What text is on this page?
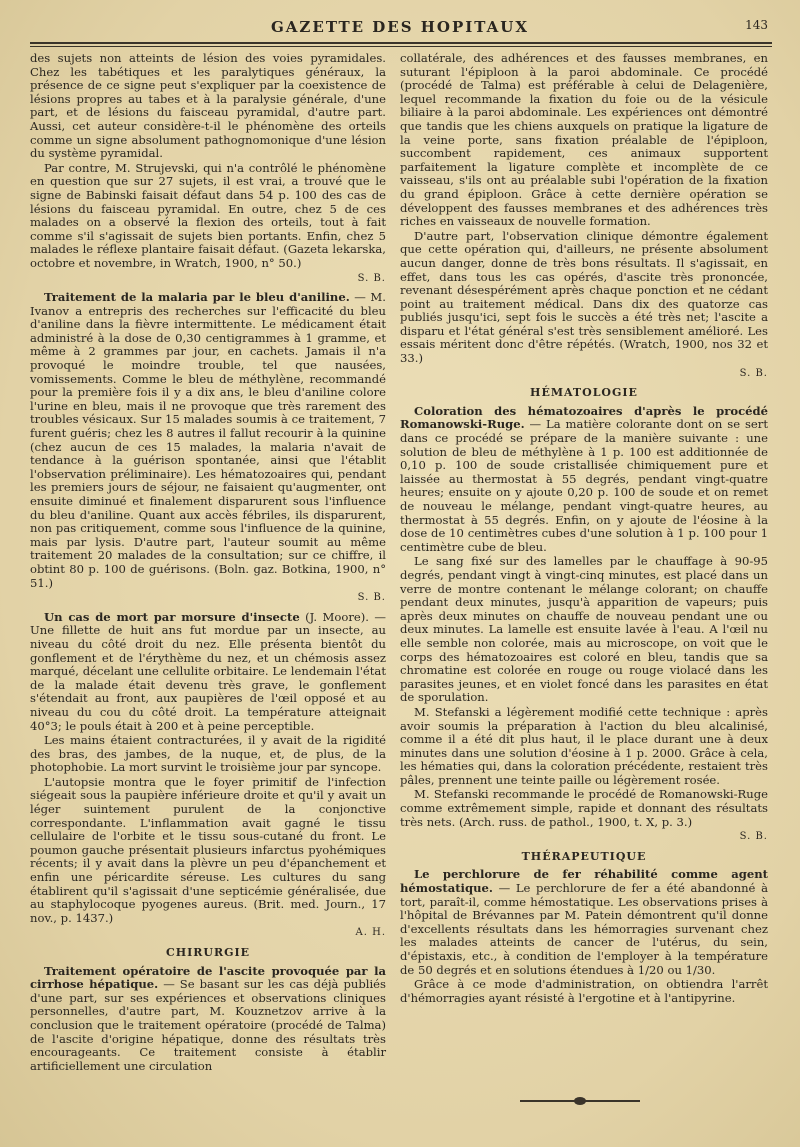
GAZETTE DES HOPITAUX	143

des sujets non atteints de lésion des voies pyramidales. Chez les tabétiques et les paralytiques généraux, la présence de ce signe peut s'expliquer par la coexistence de lésions propres au tabes et à la paralysie générale, d'une part, et de lésions du faisceau pyramidal, d'autre part. Aussi, cet auteur considère-t-il le phénomène des orteils comme un signe absolument pathognomonique d'une lésion du système pyramidal.

Par contre, M. Strujevski, qui n'a contrôlé le phénomène en question que sur 27 sujets, il est vrai, a trouvé que le signe de Babinski faisait défaut dans 54 p. 100 des cas de lésions du faisceau pyramidal. En outre, chez 5 de ces malades on a observé la flexion des orteils, tout à fait comme s'il s'agissait de sujets bien portants. Enfin, chez 5 malades le réflexe plantaire faisait défaut. (Gazeta lekarska, octobre et novembre, in Wratch, 1900, n° 50.)

S. B.

Traitement de la malaria par le bleu d'aniline. — M. Ivanov a entrepris des recherches sur l'efficacité du bleu d'aniline dans la fièvre intermittente. Le médicament était administré à la dose de 0,30 centigrammes à 1 gramme, et même à 2 grammes par jour, en cachets. Jamais il n'a provoqué le moindre trouble, tel que nausées, vomissements. Comme le bleu de méthylène, recommandé pour la première fois il y a dix ans, le bleu d'aniline colore l'urine en bleu, mais il ne provoque que très rarement des troubles vésicaux. Sur 15 malades soumis à ce traitement, 7 furent guéris; chez les 8 autres il fallut recourir à la quinine (chez aucun de ces 15 malades, la malaria n'avait de tendance à la guérison spontanée, ainsi que l'établit l'observation préliminaire). Les hématozoaires qui, pendant les premiers jours de séjour, ne faisaient qu'augmenter, ont ensuite diminué et finalement disparurent sous l'influence du bleu d'aniline. Quant aux accès fébriles, ils disparurent, non pas critiquement, comme sous l'influence de la quinine, mais par lysis. D'autre part, l'auteur soumit au même traitement 20 malades de la consultation; sur ce chiffre, il obtint 80 p. 100 de guérisons. (Boln. gaz. Botkina, 1900, n° 51.)

S. B.

Un cas de mort par morsure d'insecte (J. Moore). — Une fillette de huit ans fut mordue par un insecte, au niveau du côté droit du nez. Elle présenta bientôt du gonflement et de l'érythème du nez, et un chémosis assez marqué, décelant une cellulite orbitaire. Le lendemain l'état de la malade était devenu très grave, le gonflement s'étendait au front, aux paupières de l'œil opposé et au niveau du cou du côté droit. La température atteignait 40°3; le pouls était à 200 et à peine perceptible.

Les mains étaient contracturées, il y avait de la rigidité des bras, des jambes, de la nuque, et, de plus, de la photophobie. La mort survint le troisième jour par syncope.

L'autopsie montra que le foyer primitif de l'infection siégeait sous la paupière inférieure droite et qu'il y avait un léger suintement purulent de la conjonctive correspondante. L'inflammation avait gagné le tissu cellulaire de l'orbite et le tissu sous-cutané du front. Le poumon gauche présentait plusieurs infarctus pyohémiques récents; il y avait dans la plèvre un peu d'épanchement et enfin une péricardite séreuse. Les cultures du sang établirent qu'il s'agissait d'une septicémie généralisée, due au staphylocoque pyogenes aureus. (Brit. med. Journ., 17 nov., p. 1437.)

A. H.

CHIRURGIE

Traitement opératoire de l'ascite provoquée par la cirrhose hépatique. — Se basant sur les cas déjà publiés d'une part, sur ses expériences et observations cliniques personnelles, d'autre part, M. Kouznetzov arrive à la conclusion que le traitement opératoire (procédé de Talma) de l'ascite d'origine hépatique, donne des résultats très encourageants. Ce traitement consiste à établir artificiellement une circulation

collatérale, des adhérences et des fausses membranes, en suturant l'épiploon à la paroi abdominale. Ce procédé (procédé de Talma) est préférable à celui de Delagenière, lequel recommande la fixation du foie ou de la vésicule biliaire à la paroi abdominale. Les expériences ont démontré que tandis que les chiens auxquels on pratique la ligature de la veine porte, sans fixation préalable de l'épiploon, succombent rapidement, ces animaux supportent parfaitement la ligature complète et incomplète de ce vaisseau, s'ils ont au préalable subi l'opération de la fixation du grand épiploon. Grâce à cette dernière opération se développent des fausses membranes et des adhérences très riches en vaisseaux de nouvelle formation.

D'autre part, l'observation clinique démontre également que cette opération qui, d'ailleurs, ne présente absolument aucun danger, donne de très bons résultats. Il s'agissait, en effet, dans tous les cas opérés, d'ascite très prononcée, revenant désespérément après chaque ponction et ne cédant point au traitement médical. Dans dix des quatorze cas publiés jusqu'ici, sept fois le succès a été très net; l'ascite a disparu et l'état général s'est très sensiblement amélioré. Les essais méritent donc d'être répétés. (Wratch, 1900, nos 32 et 33.)

S. B.

HÉMATOLOGIE

Coloration des hématozoaires d'après le procédé Romanowski-Ruge. — La matière colorante dont on se sert dans ce procédé se prépare de la manière suivante : une solution de bleu de méthylène à 1 p. 100 est additionnée de 0,10 p. 100 de soude cristallisée chimiquement pure et laissée au thermostat à 55 degrés, pendant vingt-quatre heures; ensuite on y ajoute 0,20 p. 100 de soude et on remet de nouveau le mélange, pendant vingt-quatre heures, au thermostat à 55 degrés. Enfin, on y ajoute de l'éosine à la dose de 10 centimètres cubes d'une solution à 1 p. 100 pour 1 centimètre cube de bleu.

Le sang fixé sur des lamelles par le chauffage à 90-95 degrés, pendant vingt à vingt-cinq minutes, est placé dans un verre de montre contenant le mélange colorant; on chauffe pendant deux minutes, jusqu'à apparition de vapeurs; puis après deux minutes on chauffe de nouveau pendant une ou deux minutes. La lamelle est ensuite lavée à l'eau. A l'œil nu elle semble non colorée, mais au microscope, on voit que le corps des hématozoaires est coloré en bleu, tandis que sa chromatine est colorée en rouge ou rouge violacé dans les parasites jeunes, et en violet foncé dans les parasites en état de sporulation.

M. Stefanski a légèrement modifié cette technique : après avoir soumis la préparation à l'action du bleu alcalinisé, comme il a été dit plus haut, il le place durant une à deux minutes dans une solution d'éosine à 1 p. 2000. Grâce à cela, les hématies qui, dans la coloration précédente, restaient très pâles, prennent une teinte paille ou légèrement rosée.

M. Stefanski recommande le procédé de Romanowski-Ruge comme extrêmement simple, rapide et donnant des résultats très nets. (Arch. russ. de pathol., 1900, t. X, p. 3.)

S. B.

THÉRAPEUTIQUE

Le perchlorure de fer réhabilité comme agent hémostatique. — Le perchlorure de fer a été abandonné à tort, paraît-il, comme hémostatique. Les observations prises à l'hôpital de Brévannes par M. Patein démontrent qu'il donne d'excellents résultats dans les hémorragies survenant chez les malades atteints de cancer de l'utérus, du sein, d'épistaxis, etc., à condition de l'employer à la température de 50 degrés et en solutions étendues à 1/20 ou 1/30.

Grâce à ce mode d'administration, on obtiendra l'arrêt d'hémorragies ayant résisté à l'ergotine et à l'antipyrine.
